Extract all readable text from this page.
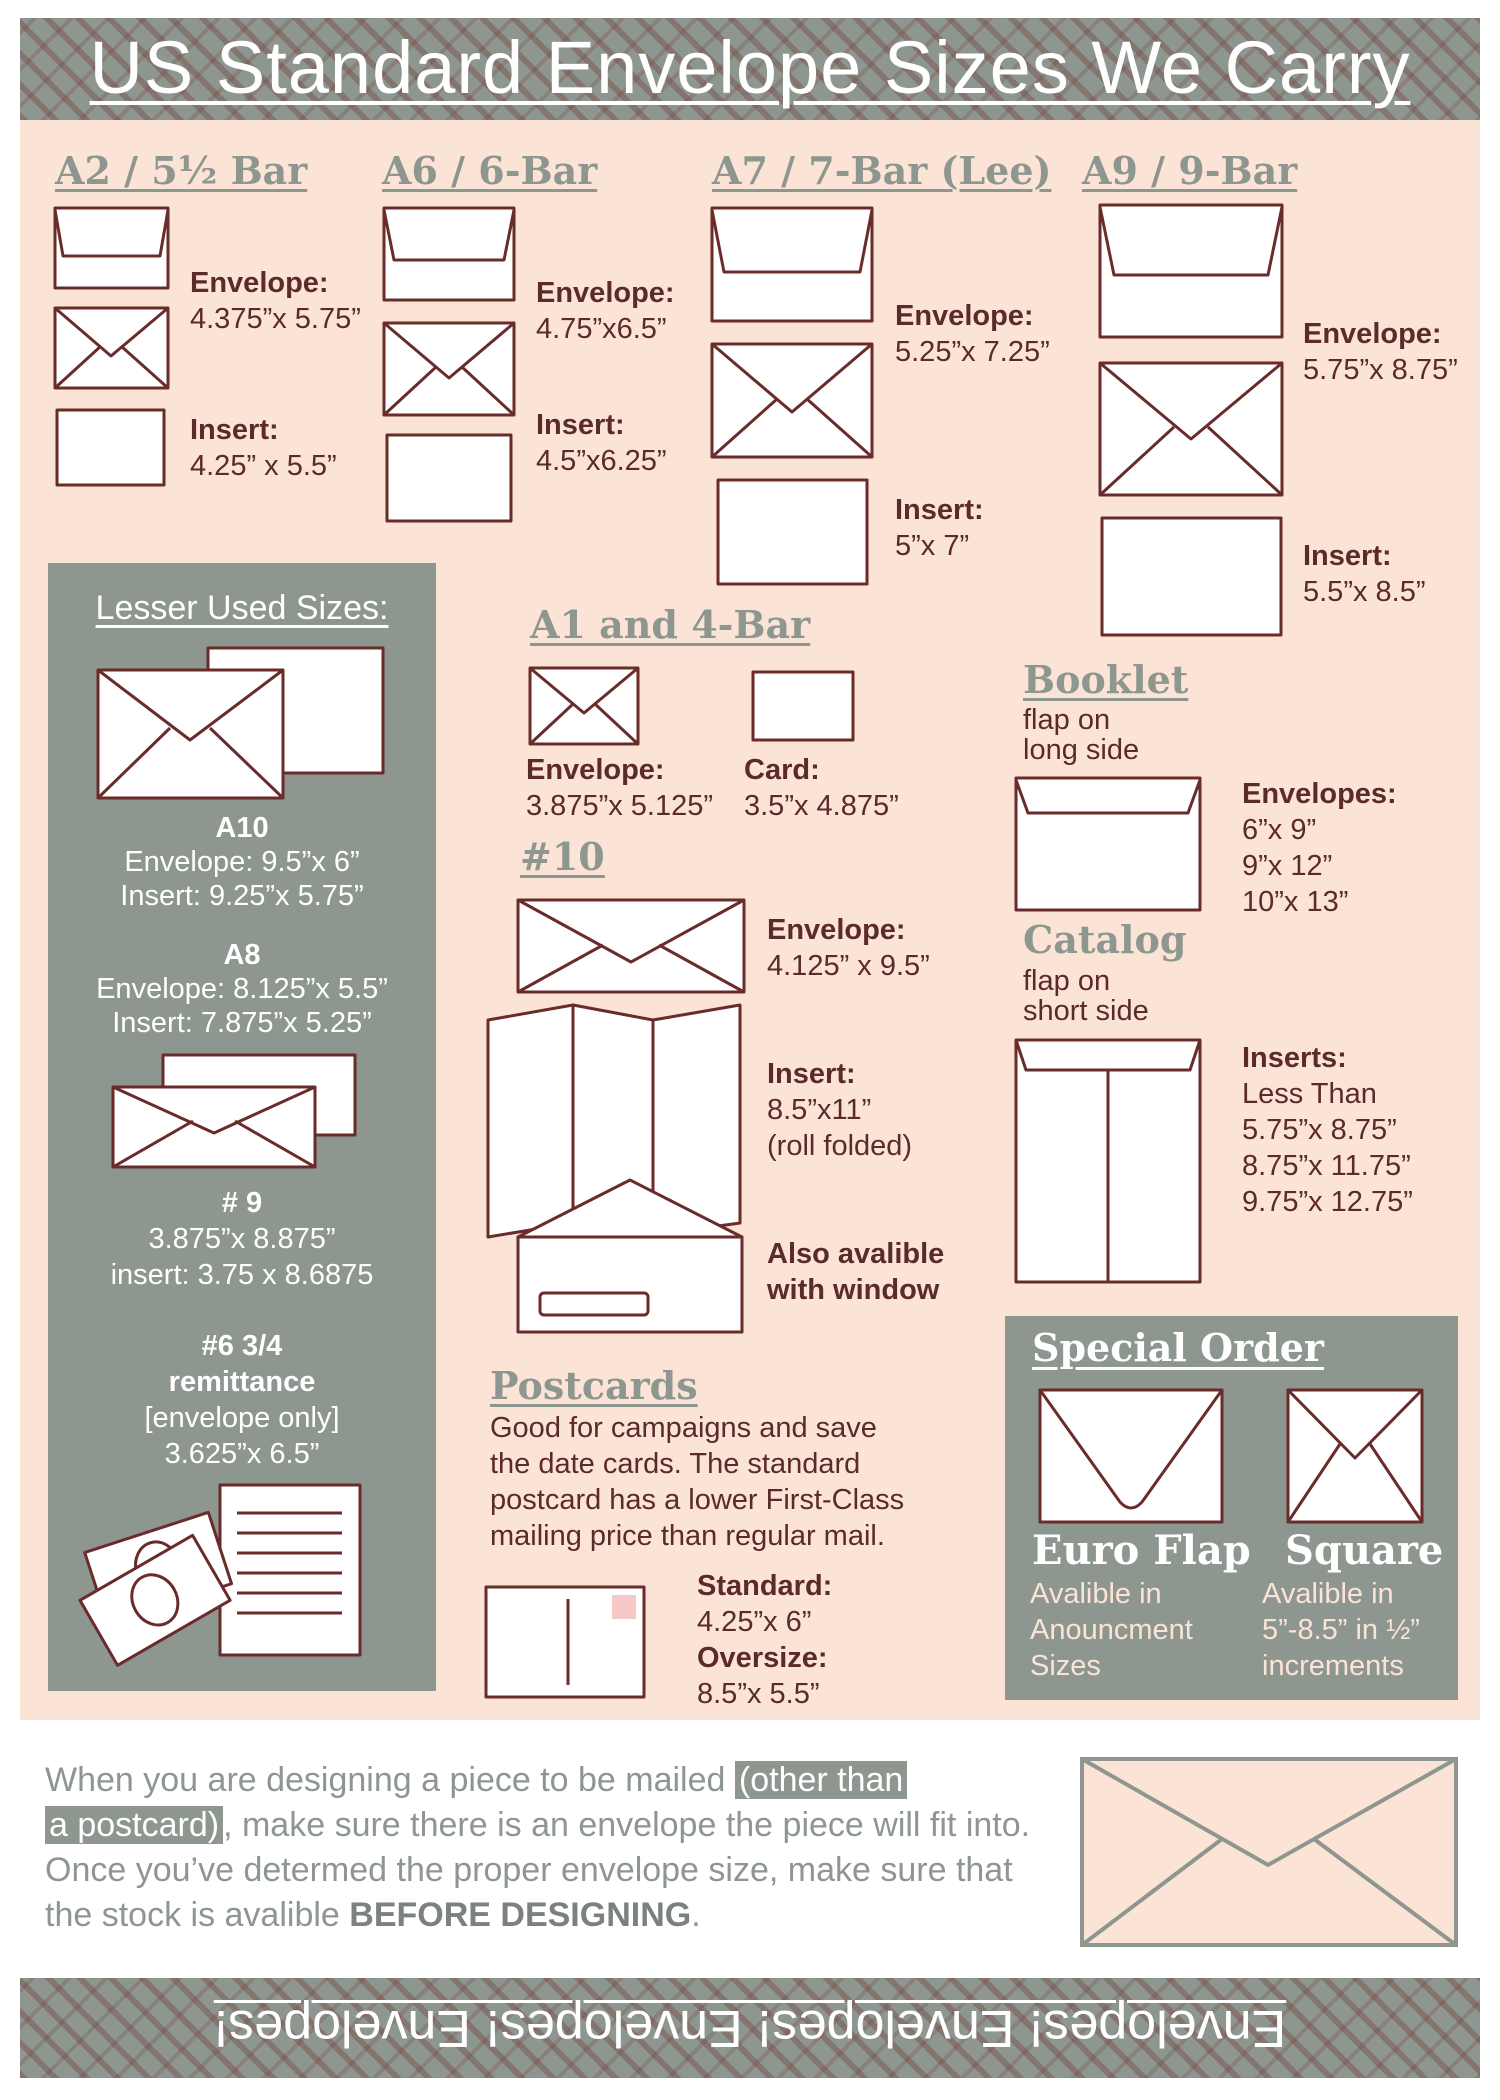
US Standard Envelope Sizes We Carry
A2 / 5½ Bar
Envelope:
4.375”x 5.75”
Insert:
4.25” x 5.5”
A6 / 6-Bar
Envelope:
4.75”x6.5”
Insert:
4.5”x6.25”
A7 / 7-Bar (Lee)
Envelope:
5.25”x 7.25”
Insert:
5”x 7”
A9 / 9-Bar
Envelope:
5.75”x 8.75”
Insert:
5.5”x 8.5”
Lesser Used Sizes:
A10
Envelope: 9.5”x 6”
Insert: 9.25”x 5.75”
A8
Envelope: 8.125”x 5.5”
Insert: 7.875”x 5.25”
# 9
3.875”x 8.875”
insert: 3.75 x 8.6875
#6 3/4
remittance
[envelope only]
3.625”x 6.5”
A1 and 4-Bar
Envelope:
3.875”x 5.125”
Card:
3.5”x 4.875”
#10
Envelope:
4.125” x 9.5”
Insert:
8.5”x11”
(roll folded)
Also avalible
with window
Booklet
flap on
long side
Envelopes:
6”x 9”
9”x 12”
10”x 13”
Catalog
flap on
short side
Inserts:
Less Than
5.75”x 8.75”
8.75”x 11.75”
9.75”x 12.75”
Postcards
Good for campaigns and save
the date cards. The standard
postcard has a lower First-Class
mailing price than regular mail.
Standard:
4.25”x 6”
Oversize:
8.5”x 5.5”
Special Order
Euro Flap
Avalible in
Anouncment
Sizes
Square
Avalible in
5”-8.5” in ½”
increments
When you are designing a piece to be mailed (other than
a postcard) , make sure there is an envelope the piece will fit into. Once you’ve determed the proper envelope size, make sure that the stock is avalible BEFORE DESIGNING.
Envelopes! Envelopes! Envelopes! Envelopes!
